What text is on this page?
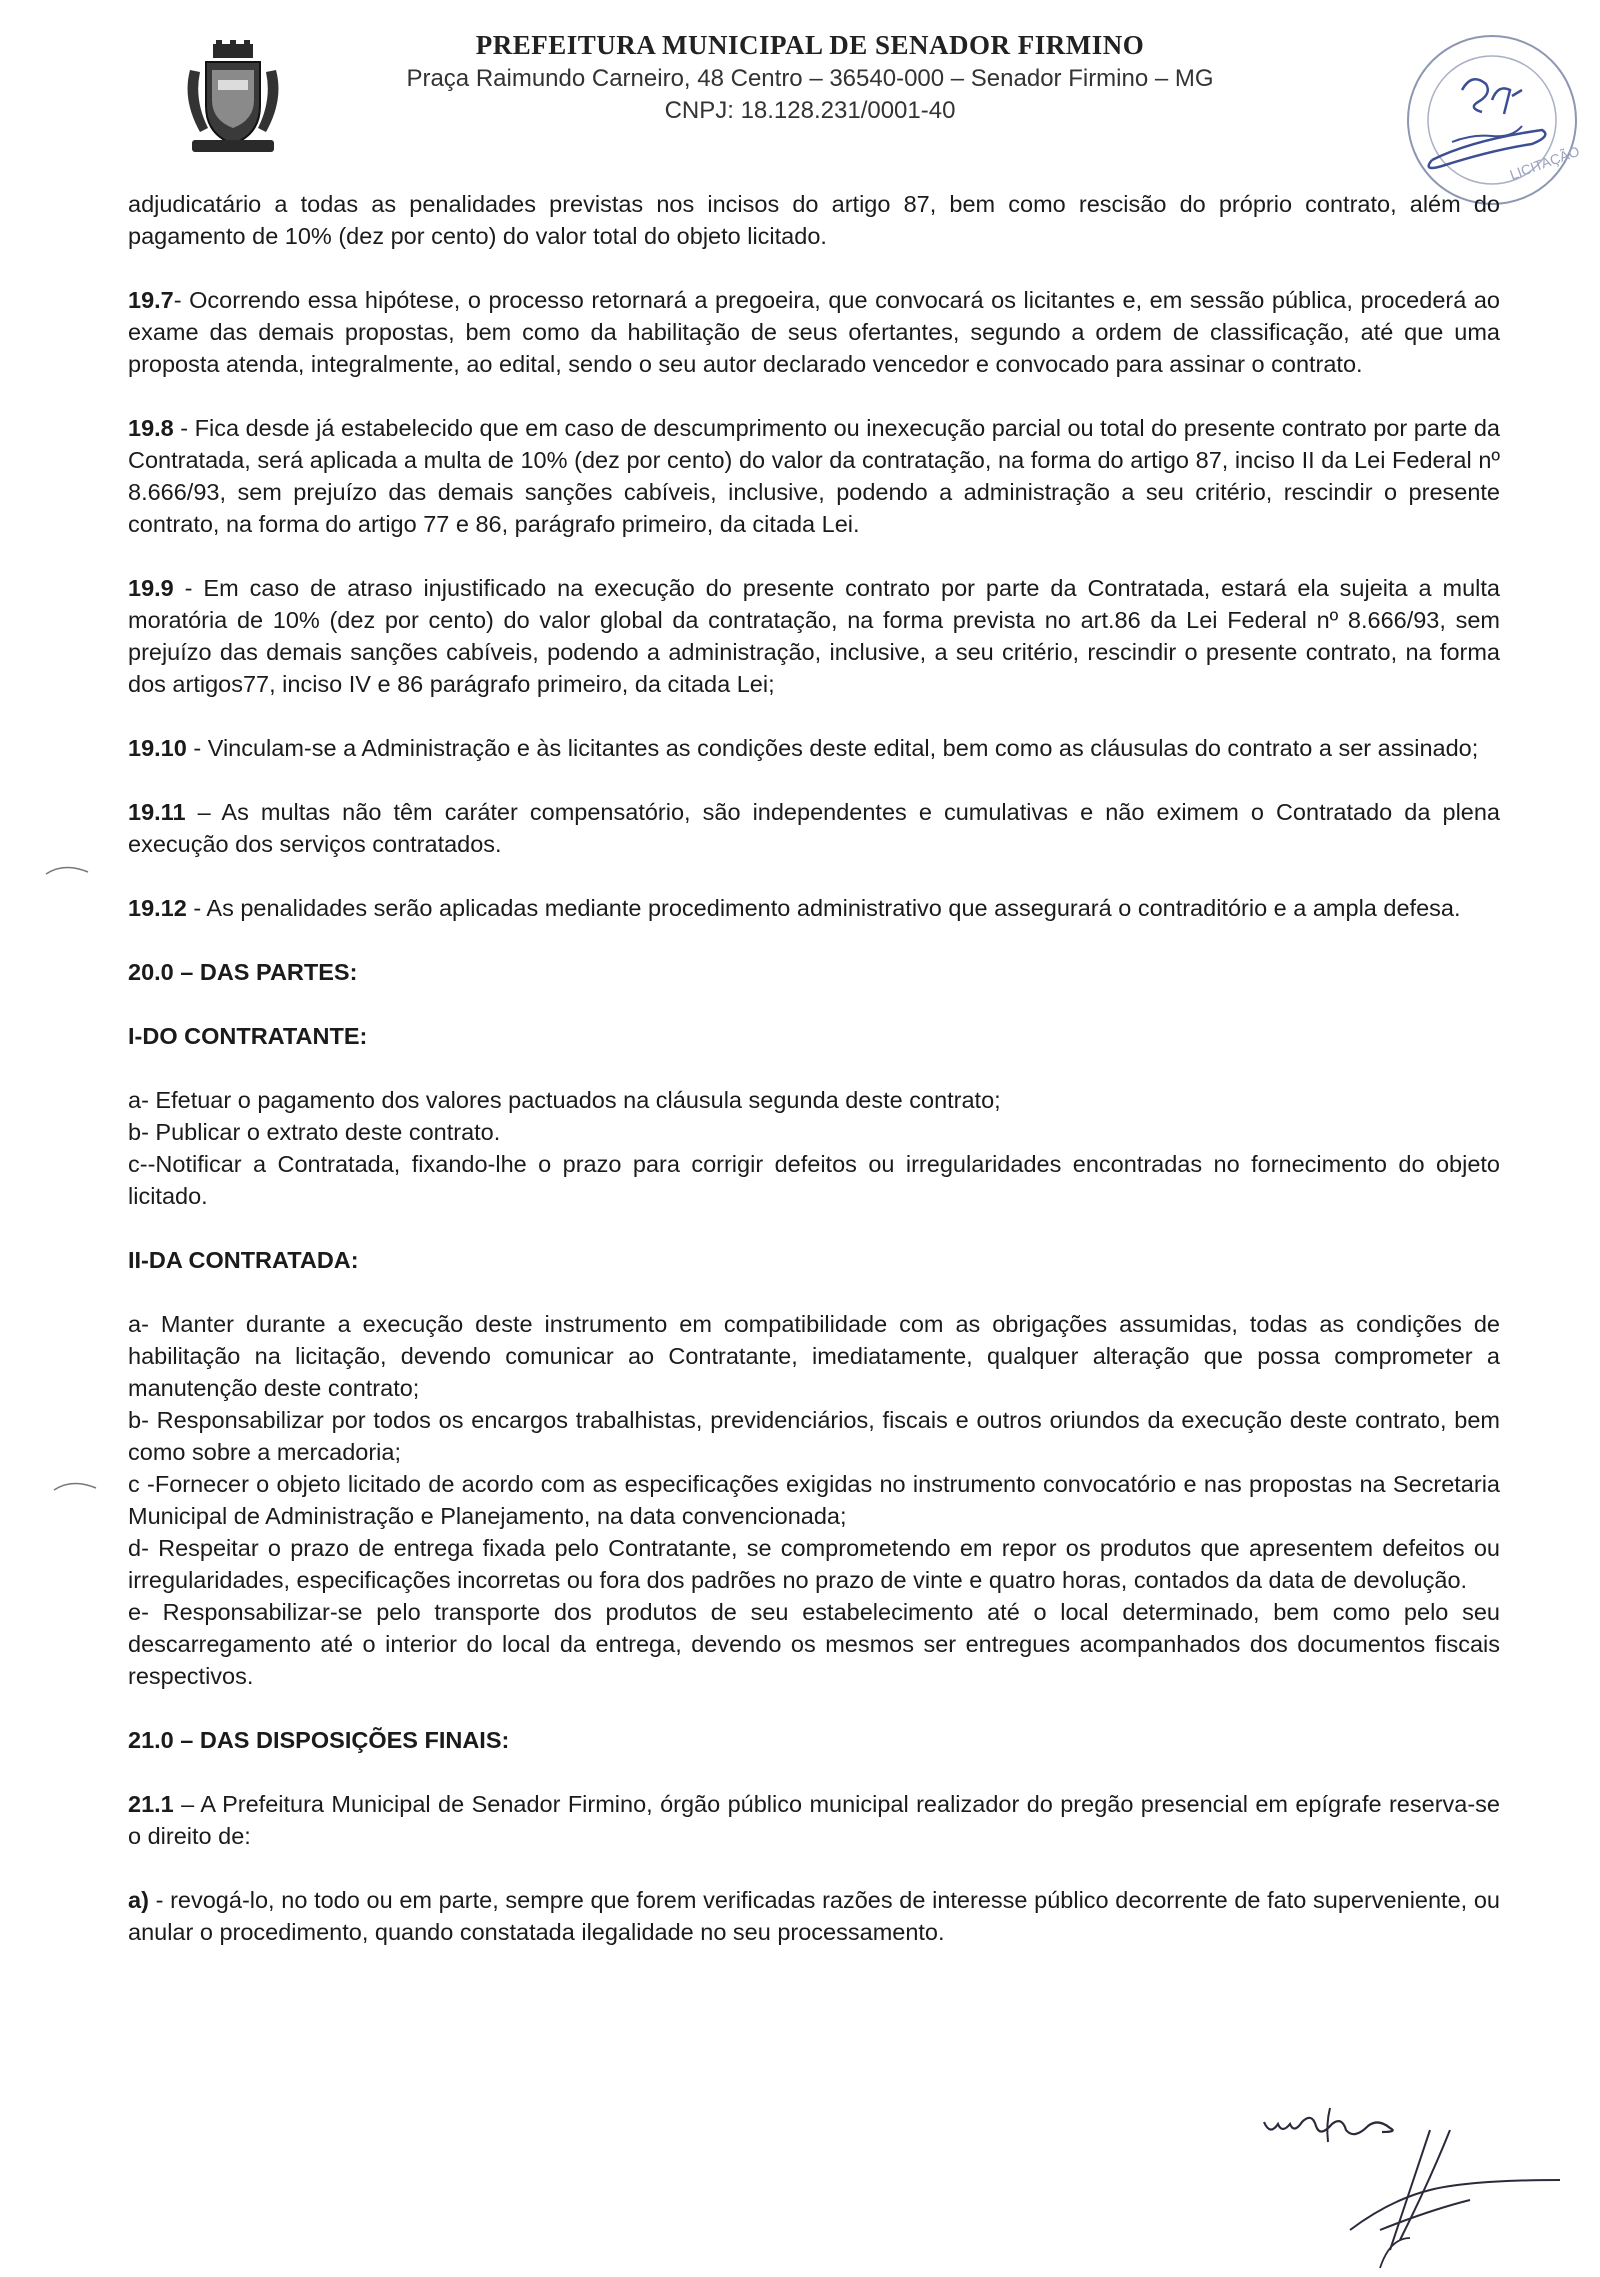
PREFEITURA MUNICIPAL DE SENADOR FIRMINO
Praça Raimundo Carneiro, 48 Centro – 36540-000 – Senador Firmino – MG
CNPJ: 18.128.231/0001-40
LICITAÇÃO

adjudicatário a todas as penalidades previstas nos incisos do artigo 87, bem como rescisão do próprio contrato, além do pagamento de 10% (dez por cento) do valor total do objeto licitado.

19.7- Ocorrendo essa hipótese, o processo retornará a pregoeira, que convocará os licitantes e, em sessão pública, procederá ao exame das demais propostas, bem como da habilitação de seus ofertantes, segundo a ordem de classificação, até que uma proposta atenda, integralmente, ao edital, sendo o seu autor declarado vencedor e convocado para assinar o contrato.

19.8 - Fica desde já estabelecido que em caso de descumprimento ou inexecução parcial ou total do presente contrato por parte da Contratada, será aplicada a multa de 10% (dez por cento) do valor da contratação, na forma do artigo 87, inciso II da Lei Federal nº 8.666/93, sem prejuízo das demais sanções cabíveis, inclusive, podendo a administração a seu critério, rescindir o presente contrato, na forma do artigo 77 e 86, parágrafo primeiro, da citada Lei.

19.9 - Em caso de atraso injustificado na execução do presente contrato por parte da Contratada, estará ela sujeita a multa moratória de 10% (dez por cento) do valor global da contratação, na forma prevista no art.86 da Lei Federal nº 8.666/93, sem prejuízo das demais sanções cabíveis, podendo a administração, inclusive, a seu critério, rescindir o presente contrato, na forma dos artigos77, inciso IV e 86 parágrafo primeiro, da citada Lei;

19.10 - Vinculam-se a Administração e às licitantes as condições deste edital, bem como as cláusulas do contrato a ser assinado;

19.11 – As multas não têm caráter compensatório, são independentes e cumulativas e não eximem o Contratado da plena execução dos serviços contratados.

19.12 - As penalidades serão aplicadas mediante procedimento administrativo que assegurará o contraditório e a ampla defesa.

20.0 – DAS PARTES:

I-DO CONTRATANTE:

a- Efetuar o pagamento dos valores pactuados na cláusula segunda deste contrato;

b- Publicar o extrato deste contrato.

c--Notificar a Contratada, fixando-lhe o prazo para corrigir defeitos ou irregularidades encontradas no fornecimento do objeto licitado.

II-DA CONTRATADA:

a- Manter durante a execução deste instrumento em compatibilidade com as obrigações assumidas, todas as condições de habilitação na licitação, devendo comunicar ao Contratante, imediatamente, qualquer alteração que possa comprometer a manutenção deste contrato;

b- Responsabilizar por todos os encargos trabalhistas, previdenciários, fiscais e outros oriundos da execução deste contrato, bem como sobre a mercadoria;

c -Fornecer o objeto licitado de acordo com as especificações exigidas no instrumento convocatório e nas propostas na Secretaria Municipal de Administração e Planejamento, na data convencionada;

d- Respeitar o prazo de entrega fixada pelo Contratante, se comprometendo em repor os produtos que apresentem defeitos ou irregularidades, especificações incorretas ou fora dos padrões no prazo de vinte e quatro horas, contados da data de devolução.

e- Responsabilizar-se pelo transporte dos produtos de seu estabelecimento até o local determinado, bem como pelo seu descarregamento até o interior do local da entrega, devendo os mesmos ser entregues acompanhados dos documentos fiscais respectivos.

21.0 – DAS DISPOSIÇÕES FINAIS:

21.1 – A Prefeitura Municipal de Senador Firmino, órgão público municipal realizador do pregão presencial em epígrafe reserva-se o direito de:

a) - revogá-lo, no todo ou em parte, sempre que forem verificadas razões de interesse público decorrente de fato superveniente, ou anular o procedimento, quando constatada ilegalidade no seu processamento.
